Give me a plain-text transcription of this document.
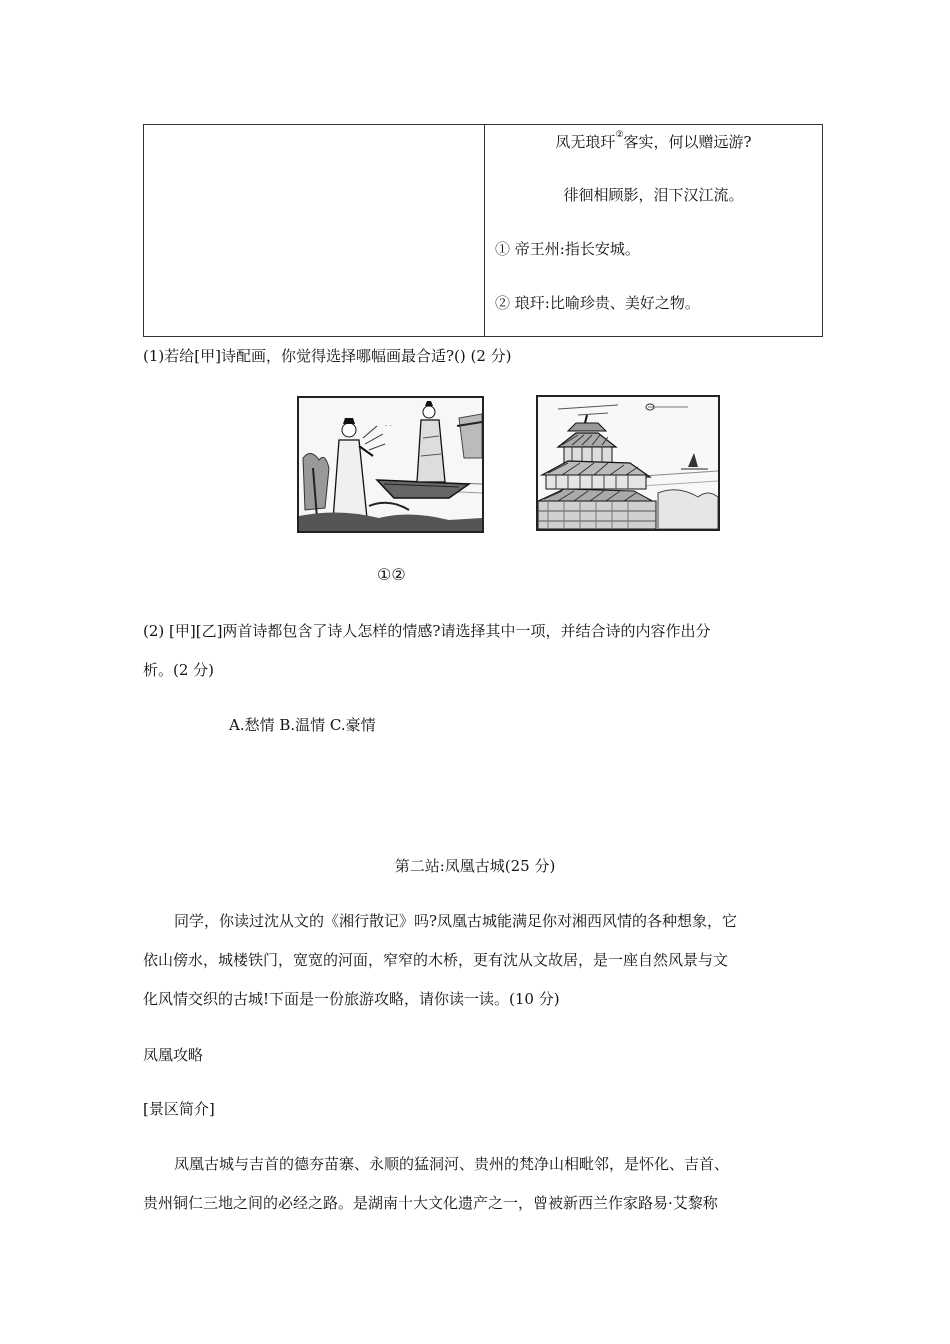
凤无琅玕②客实，何以赠远游?
徘徊相顾影，泪下汉江流。
① 帝王州:指长安城。
② 琅玕:比喻珍贵、美好之物。
(1)若给[甲]诗配画，你觉得选择哪幅画最合适?() (2 分)
· ·
①②
(2) [甲][乙]两首诗都包含了诗人怎样的情感?请选择其中一项，并结合诗的内容作出分
析。(2 分)
A.愁情 B.温情 C.豪情
第二站:凤凰古城(25 分)
同学，你读过沈从文的《湘行散记》吗?凤凰古城能满足你对湘西风情的各种想象，它
依山傍水，城楼铁门，宽宽的河面，窄窄的木桥，更有沈从文故居，是一座自然风景与文
化风情交织的古城!下面是一份旅游攻略，请你读一读。(10 分)
凤凰攻略
[景区简介]
凤凰古城与吉首的德夯苗寨、永顺的猛洞河、贵州的梵净山相毗邻，是怀化、吉首、
贵州铜仁三地之间的必经之路。是湖南十大文化遗产之一，曾被新西兰作家路易·艾黎称
